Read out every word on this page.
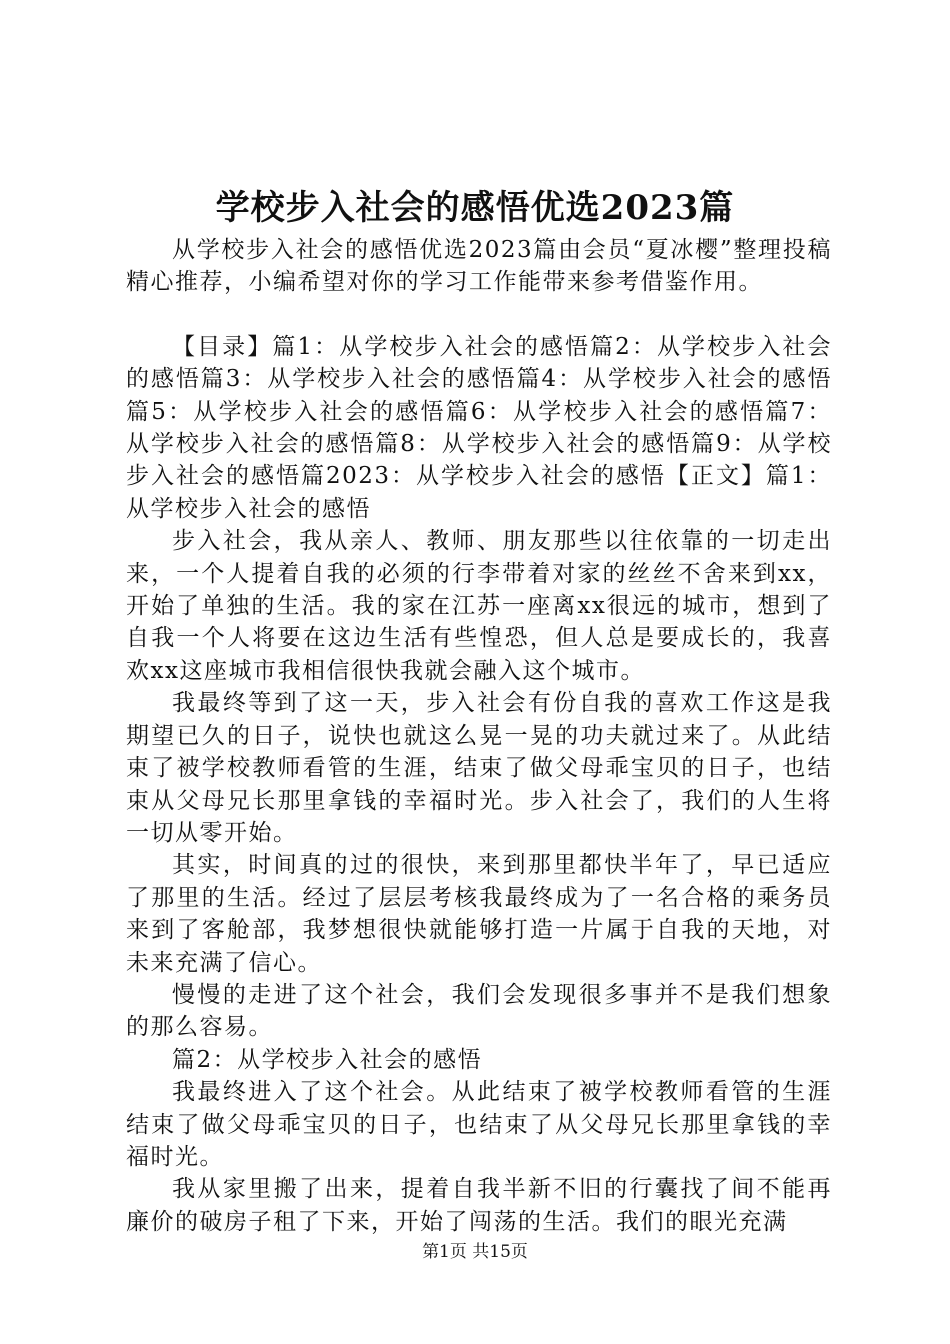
学校步入社会的感悟优选2023篇

从学校步入社会的感悟优选2023篇由会员“夏冰樱”整理投稿精心推荐，小编希望对你的学习工作能带来参考借鉴作用。

【目录】篇1：从学校步入社会的感悟篇2：从学校步入社会的感悟篇3：从学校步入社会的感悟篇4：从学校步入社会的感悟篇5：从学校步入社会的感悟篇6：从学校步入社会的感悟篇7：从学校步入社会的感悟篇8：从学校步入社会的感悟篇9：从学校步入社会的感悟篇2023：从学校步入社会的感悟【正文】篇1：从学校步入社会的感悟

步入社会，我从亲人、教师、朋友那些以往依靠的一切走出来，一个人提着自我的必须的行李带着对家的丝丝不舍来到xx，开始了单独的生活。我的家在江苏一座离xx很远的城市，想到了自我一个人将要在这边生活有些惶恐，但人总是要成长的，我喜欢xx这座城市我相信很快我就会融入这个城市。

我最终等到了这一天，步入社会有份自我的喜欢工作这是我期望已久的日子，说快也就这么晃一晃的功夫就过来了。从此结束了被学校教师看管的生涯，结束了做父母乖宝贝的日子，也结束从父母兄长那里拿钱的幸福时光。步入社会了，我们的人生将一切从零开始。

其实，时间真的过的很快，来到那里都快半年了，早已适应了那里的生活。经过了层层考核我最终成为了一名合格的乘务员来到了客舱部，我梦想很快就能够打造一片属于自我的天地，对未来充满了信心。

慢慢的走进了这个社会，我们会发现很多事并不是我们想象的那么容易。

篇2：从学校步入社会的感悟

我最终进入了这个社会。从此结束了被学校教师看管的生涯结束了做父母乖宝贝的日子，也结束了从父母兄长那里拿钱的幸福时光。

我从家里搬了出来，提着自我半新不旧的行囊找了间不能再廉价的破房子租了下来，开始了闯荡的生活。我们的眼光充满

第1页 共15页
